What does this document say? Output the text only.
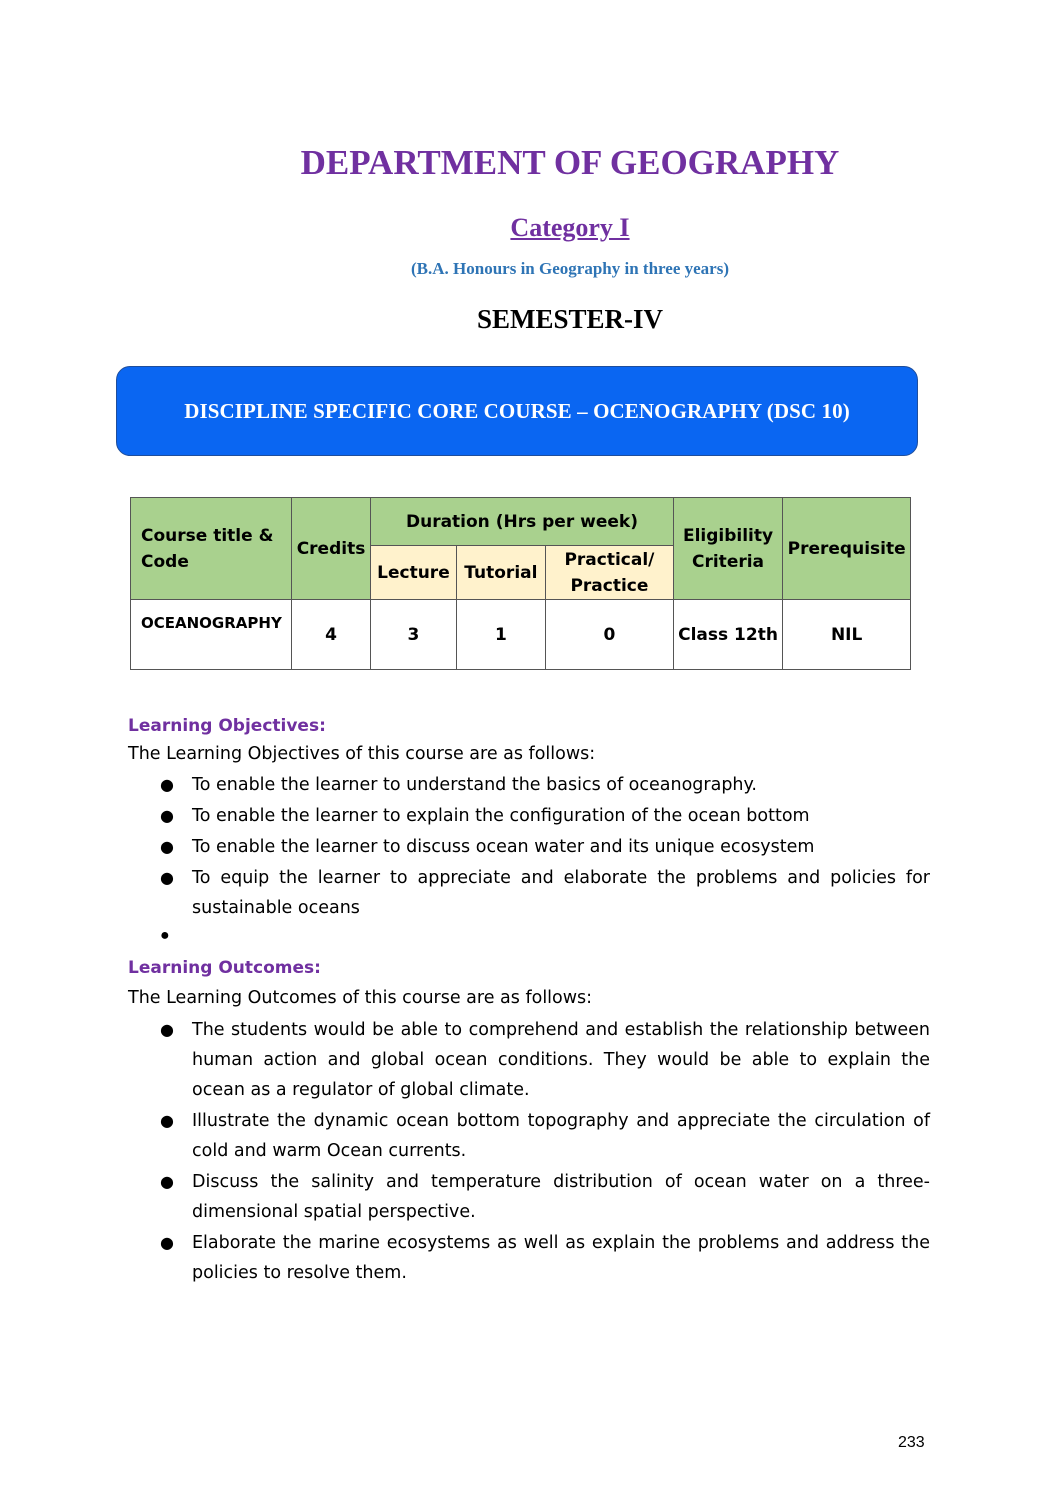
DEPARTMENT OF GEOGRAPHY
Category I
(B.A. Honours in Geography in three years)
SEMESTER-IV
DISCIPLINE SPECIFIC CORE COURSE – OCENOGRAPHY (DSC 10)
Course title & Code	Credits	Duration (Hrs per week)			Eligibility Criteria	Prerequisite
		Lecture	Tutorial	Practical/ Practice		
OCEANOGRAPHY	4	3	1	0	Class 12th	NIL
Learning Objectives:
The Learning Objectives of this course are as follows:
● To enable the learner to understand the basics of oceanography.
● To enable the learner to explain the configuration of the ocean bottom
● To enable the learner to discuss ocean water and its unique ecosystem
● To equip the learner to appreciate and elaborate the problems and policies for sustainable oceans
●
Learning Outcomes:
The Learning Outcomes of this course are as follows:
● The students would be able to comprehend and establish the relationship between human action and global ocean conditions. They would be able to explain the ocean as a regulator of global climate.
● Illustrate the dynamic ocean bottom topography and appreciate the circulation of cold and warm Ocean currents.
● Discuss the salinity and temperature distribution of ocean water on a three-dimensional spatial perspective.
● Elaborate the marine ecosystems as well as explain the problems and address the policies to resolve them.
233
